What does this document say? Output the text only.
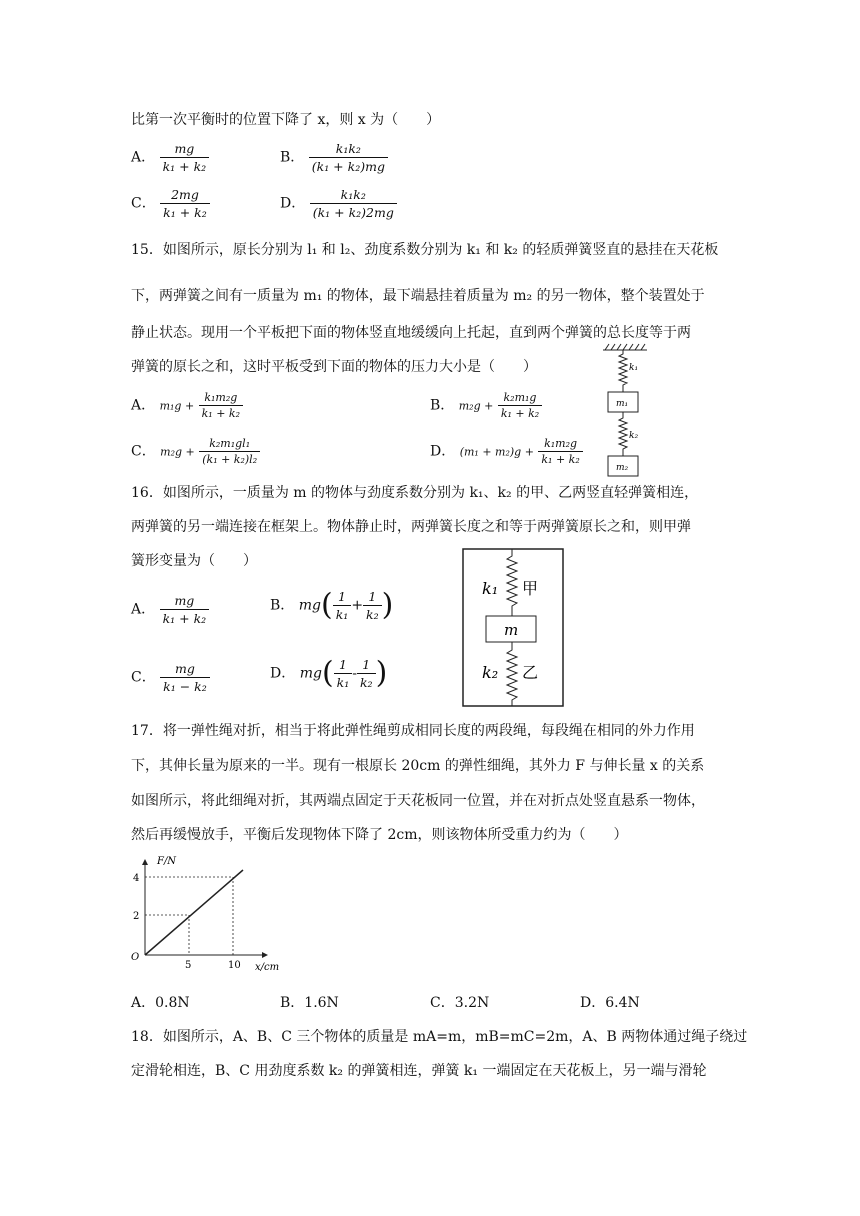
比第一次平衡时的位置下降了 x，则 x 为（　　）
A． $\frac{mg}{\text{k₁ + k₂}}$	B． $\frac{\text{k₁k₂}}{\text{(k₁ + k₂)mg}}$
C． $\frac{2mg}{\text{k₁ + k₂}}$	D． $\frac{\text{k₁k₂}}{\text{(k₁ + k₂)2mg}}$
15．如图所示，原长分别为 l₁ 和 l₂、劲度系数分别为 k₁ 和 k₂ 的轻质弹簧竖直的悬挂在天花板
下，两弹簧之间有一质量为 m₁ 的物体，最下端悬挂着质量为 m₂ 的另一物体，整个装置处于
静止状态。现用一个平板把下面的物体竖直地缓缓向上托起，直到两个弹簧的总长度等于两
弹簧的原长之和，这时平板受到下面的物体的压力大小是（　　）
A． $m_1g + \frac{\text{k₁m₂g}}{\text{k₁ + k₂}}$	B． $m_2g + \frac{\text{k₂m₁g}}{\text{k₁ + k₂}}$
C． $m_2g + \frac{\text{k₂m₁gl₁}}{\text{(k₁ + k₂)l₂}}$	D． $(m_1 + m_2)g + \frac{\text{k₁m₂g}}{\text{k₁ + k₂}}$
k₁
m₁
k₂
m₂
16．如图所示，一质量为 m 的物体与劲度系数分别为 k₁、k₂ 的甲、乙两竖直轻弹簧相连，
两弹簧的另一端连接在框架上。物体静止时，两弹簧长度之和等于两弹簧原长之和，则甲弹
簧形变量为（　　）
A． $\frac{mg}{\text{k₁ + k₂}}$	B． $mg( \frac{1}{\text{k₁}} + \frac{1}{\text{k₂}}$ )
C． $\frac{mg}{\text{k₁ − k₂}}$	D． $mg( \frac{1}{\text{k₁}} - \frac{1}{\text{k₂}}$ )
k₁ 甲
m
k₂ 乙
17．将一弹性绳对折，相当于将此弹性绳剪成相同长度的两段绳，每段绳在相同的外力作用
下，其伸长量为原来的一半。现有一根原长 20cm 的弹性细绳，其外力 F 与伸长量 x 的关系
如图所示，将此细绳对折，其两端点固定于天花板同一位置，并在对折点处竖直悬系一物体，
然后再缓慢放手，平衡后发现物体下降了 2cm，则该物体所受重力约为（　　）
F/N
x/cm
O
2
4
5	10
A．0.8N	B．1.6N	C．3.2N	D．6.4N
18．如图所示，A、B、C 三个物体的质量是 mA=m，mB=mC=2m，A、B 两物体通过绳子绕过
定滑轮相连，B、C 用劲度系数 k₂ 的弹簧相连，弹簧 k₁ 一端固定在天花板上，另一端与滑轮
